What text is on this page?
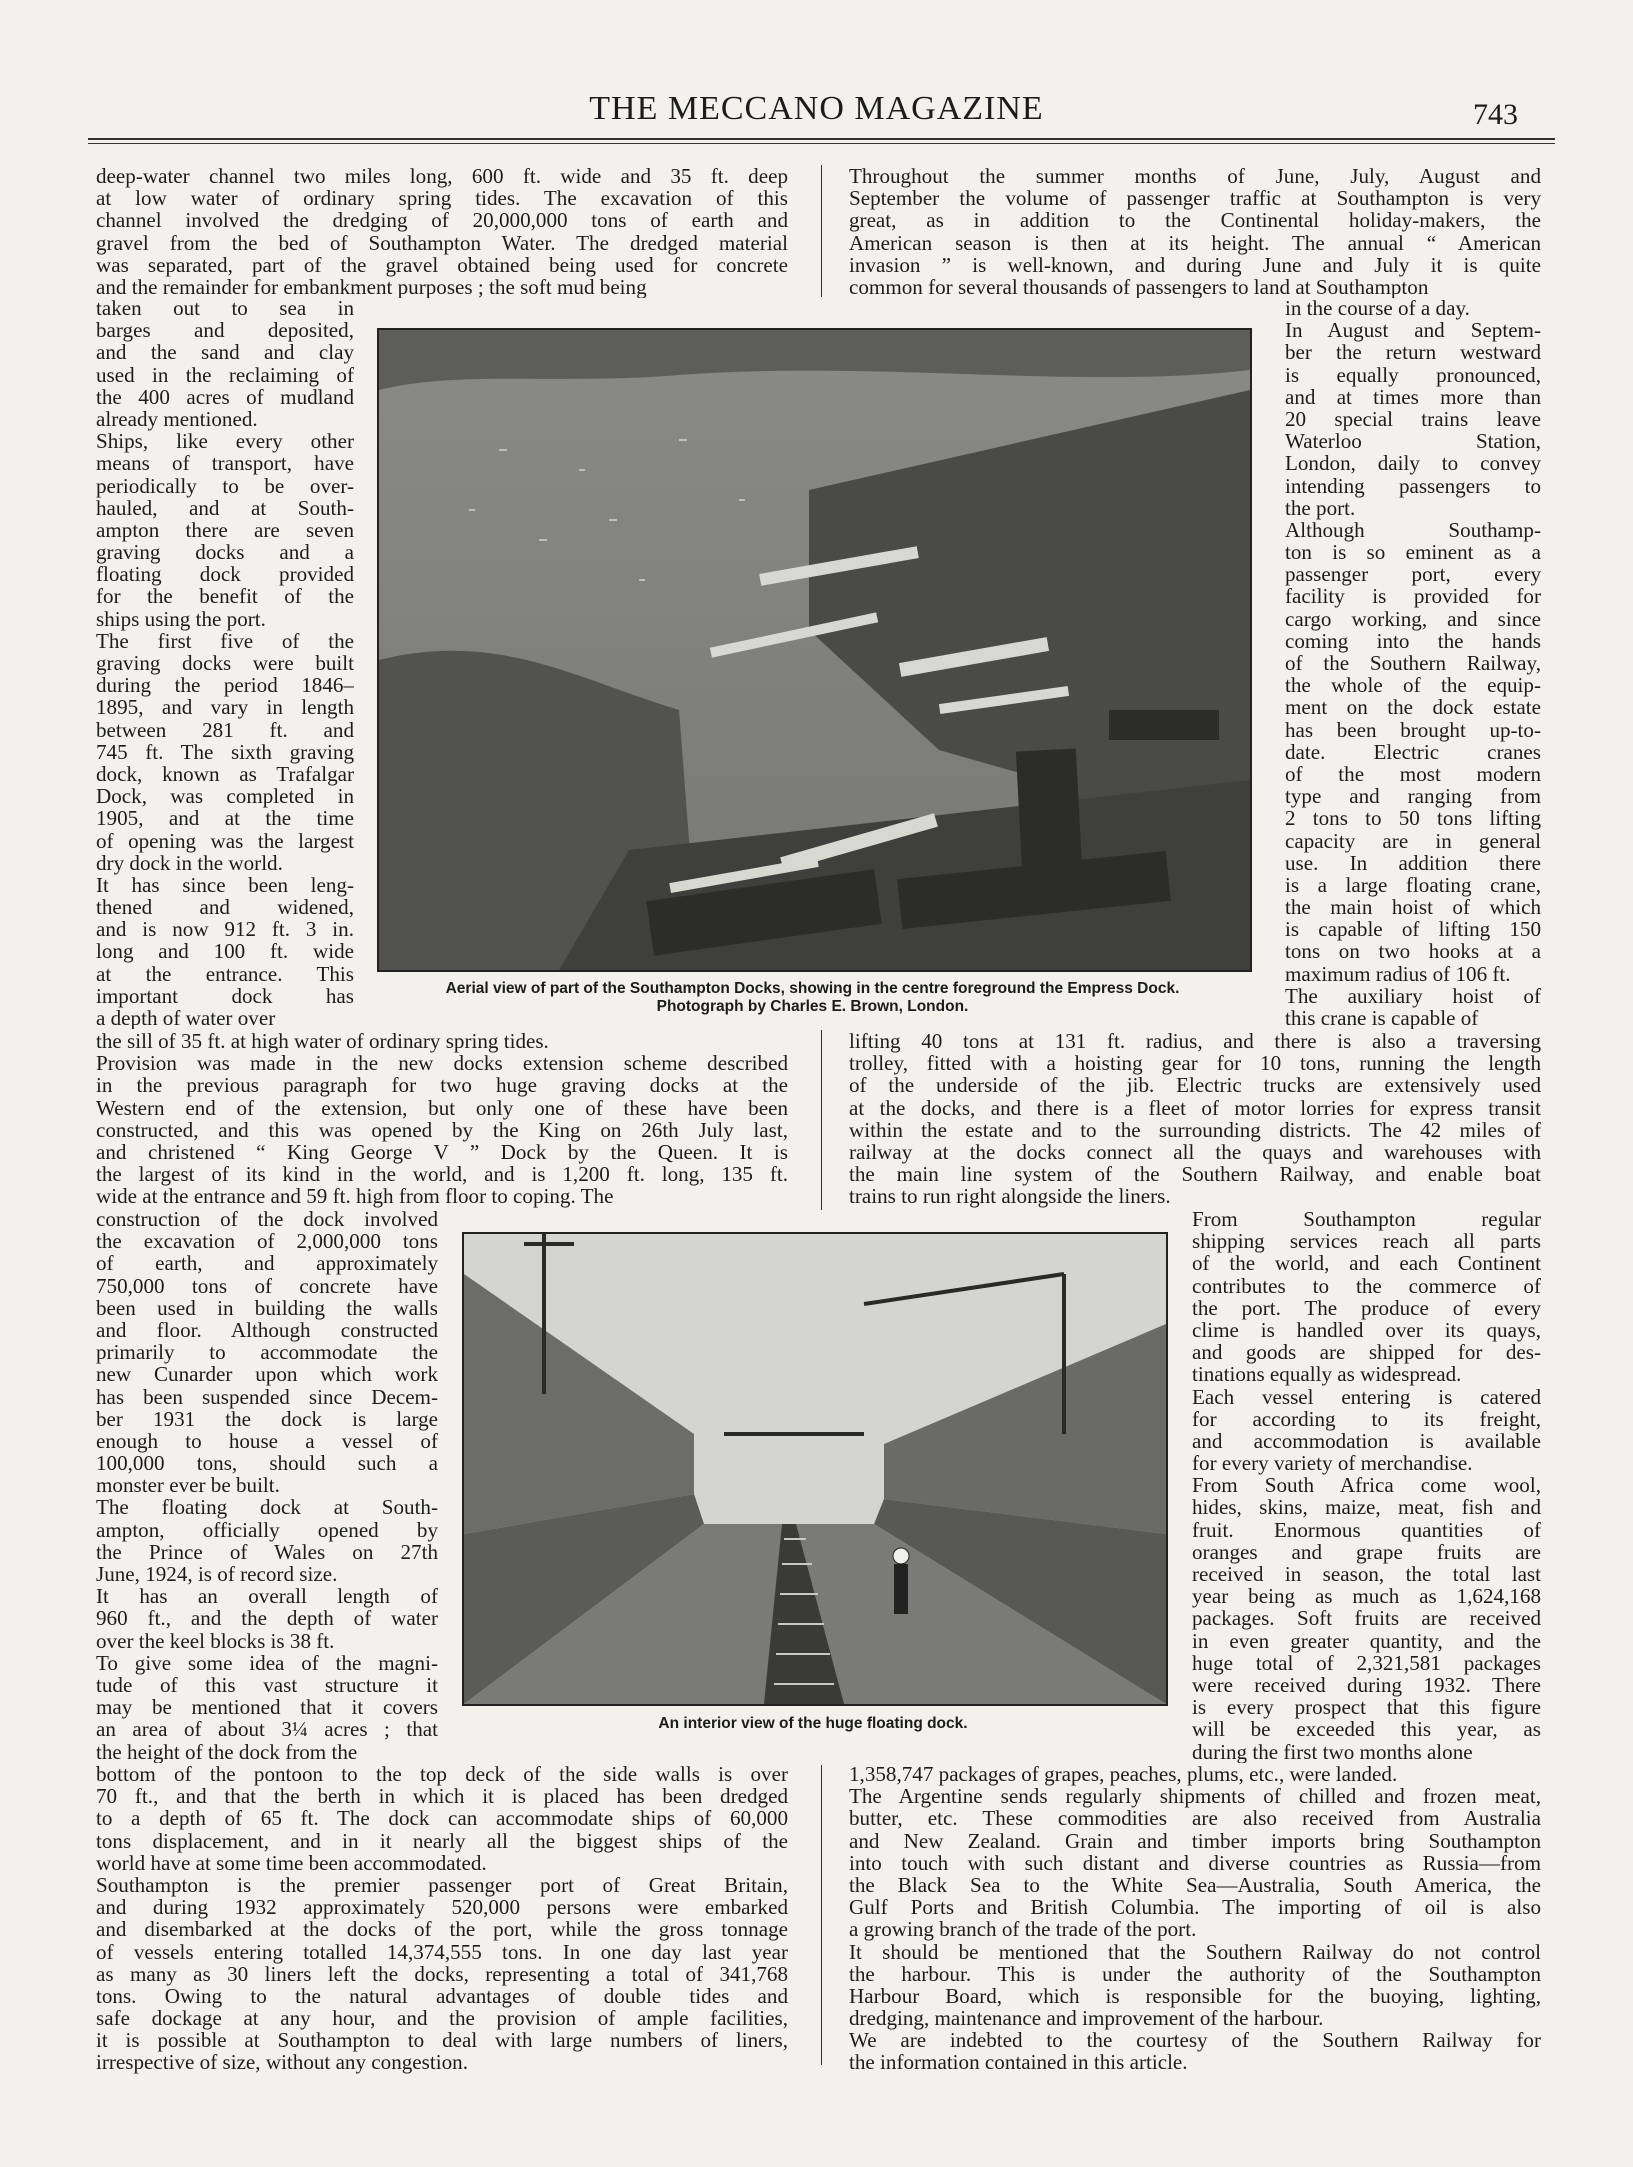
THE MECCANO MAGAZINE	743
deep-water channel two miles long, 600 ft. wide and 35 ft. deep
at low water of ordinary spring tides. The excavation of this
channel involved the dredging of 20,000,000 tons of earth and
gravel from the bed of Southampton Water. The dredged material
was separated, part of the gravel obtained being used for concrete
and the remainder for embankment purposes ; the soft mud being
taken out to sea in
barges and deposited,
and the sand and clay
used in the reclaiming of
the 400 acres of mudland
already mentioned.
Ships, like every other
means of transport, have
periodically to be over-
hauled, and at South-
ampton there are seven
graving docks and a
floating dock provided
for the benefit of the
ships using the port.
The first five of the
graving docks were built
during the period 1846–
1895, and vary in length
between 281 ft. and
745 ft. The sixth graving
dock, known as Trafalgar
Dock, was completed in
1905, and at the time
of opening was the largest
dry dock in the world.
It has since been leng-
thened and widened,
and is now 912 ft. 3 in.
long and 100 ft. wide
at the entrance. This
important dock has
a depth of water over
the sill of 35 ft. at high water of ordinary spring tides.
Provision was made in the new docks extension scheme described
in the previous paragraph for two huge graving docks at the
Western end of the extension, but only one of these have been
constructed, and this was opened by the King on 26th July last,
and christened “ King George V ” Dock by the Queen. It is
the largest of its kind in the world, and is 1,200 ft. long, 135 ft.
wide at the entrance and 59 ft. high from floor to coping. The
construction of the dock involved
the excavation of 2,000,000 tons
of earth, and approximately
750,000 tons of concrete have
been used in building the walls
and floor. Although constructed
primarily to accommodate the
new Cunarder upon which work
has been suspended since Decem-
ber 1931 the dock is large
enough to house a vessel of
100,000 tons, should such a
monster ever be built.
The floating dock at South-
ampton, officially opened by
the Prince of Wales on 27th
June, 1924, is of record size.
It has an overall length of
960 ft., and the depth of water
over the keel blocks is 38 ft.
To give some idea of the magni-
tude of this vast structure it
may be mentioned that it covers
an area of about 3¼ acres ; that
the height of the dock from the
bottom of the pontoon to the top deck of the side walls is over
70 ft., and that the berth in which it is placed has been dredged
to a depth of 65 ft. The dock can accommodate ships of 60,000
tons displacement, and in it nearly all the biggest ships of the
world have at some time been accommodated.
Southampton is the premier passenger port of Great Britain,
and during 1932 approximately 520,000 persons were embarked
and disembarked at the docks of the port, while the gross tonnage
of vessels entering totalled 14,374,555 tons. In one day last year
as many as 30 liners left the docks, representing a total of 341,768
tons. Owing to the natural advantages of double tides and
safe dockage at any hour, and the provision of ample facilities,
it is possible at Southampton to deal with large numbers of liners,
irrespective of size, without any congestion.
Throughout the summer months of June, July, August and
September the volume of passenger traffic at Southampton is very
great, as in addition to the Continental holiday-makers, the
American season is then at its height. The annual “ American
invasion ” is well-known, and during June and July it is quite
common for several thousands of passengers to land at Southampton
in the course of a day.
In August and Septem-
ber the return westward
is equally pronounced,
and at times more than
20 special trains leave
Waterloo Station,
London, daily to convey
intending passengers to
the port.
Although Southamp-
ton is so eminent as a
passenger port, every
facility is provided for
cargo working, and since
coming into the hands
of the Southern Railway,
the whole of the equip-
ment on the dock estate
has been brought up-to-
date. Electric cranes
of the most modern
type and ranging from
2 tons to 50 tons lifting
capacity are in general
use. In addition there
is a large floating crane,
the main hoist of which
is capable of lifting 150
tons on two hooks at a
maximum radius of 106 ft.
The auxiliary hoist of
this crane is capable of
lifting 40 tons at 131 ft. radius, and there is also a traversing
trolley, fitted with a hoisting gear for 10 tons, running the length
of the underside of the jib. Electric trucks are extensively used
at the docks, and there is a fleet of motor lorries for express transit
within the estate and to the surrounding districts. The 42 miles of
railway at the docks connect all the quays and warehouses with
the main line system of the Southern Railway, and enable boat
trains to run right alongside the liners.
From Southampton regular
shipping services reach all parts
of the world, and each Continent
contributes to the commerce of
the port. The produce of every
clime is handled over its quays,
and goods are shipped for des-
tinations equally as widespread.
Each vessel entering is catered
for according to its freight,
and accommodation is available
for every variety of merchandise.
From South Africa come wool,
hides, skins, maize, meat, fish and
fruit. Enormous quantities of
oranges and grape fruits are
received in season, the total last
year being as much as 1,624,168
packages. Soft fruits are received
in even greater quantity, and the
huge total of 2,321,581 packages
were received during 1932. There
is every prospect that this figure
will be exceeded this year, as
during the first two months alone
1,358,747 packages of grapes, peaches, plums, etc., were landed.
The Argentine sends regularly shipments of chilled and frozen meat,
butter, etc. These commodities are also received from Australia
and New Zealand. Grain and timber imports bring Southampton
into touch with such distant and diverse countries as Russia—from
the Black Sea to the White Sea—Australia, South America, the
Gulf Ports and British Columbia. The importing of oil is also
a growing branch of the trade of the port.
It should be mentioned that the Southern Railway do not control
the harbour. This is under the authority of the Southampton
Harbour Board, which is responsible for the buoying, lighting,
dredging, maintenance and improvement of the harbour.
We are indebted to the courtesy of the Southern Railway for
the information contained in this article.
Aerial view of part of the Southampton Docks, showing in the centre foreground the Empress Dock.
Photograph by Charles E. Brown, London.
An interior view of the huge floating dock.
